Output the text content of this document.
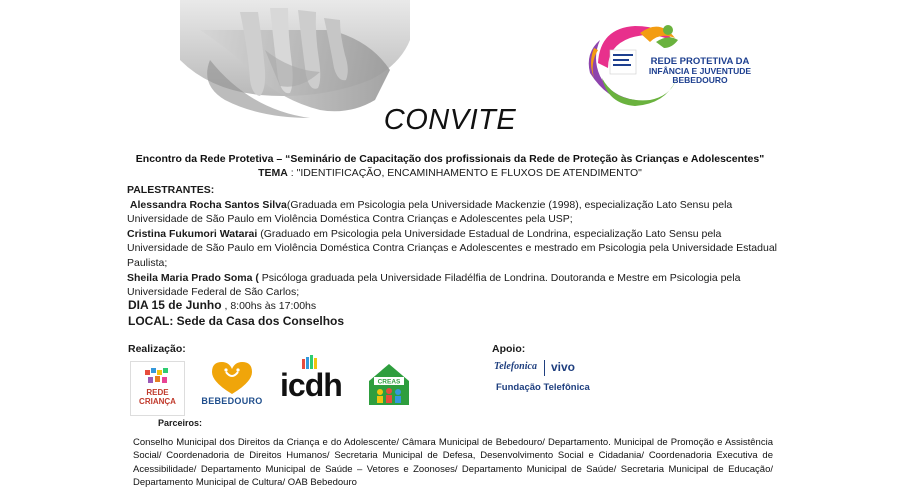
REDE PROTETIVA DA
INFÂNCIA E JUVENTUDE
BEBEDOURO
CONVITE
Encontro da Rede Protetiva – “Seminário de Capacitação dos profissionais da Rede de Proteção às Crianças e Adolescentes"
TEMA : "IDENTIFICAÇÃO, ENCAMINHAMENTO E FLUXOS DE ATENDIMENTO"

PALESTRANTES:

Alessandra Rocha Santos Silva(Graduada em Psicologia pela Universidade Mackenzie (1998), especialização Lato Sensu pela Universidade de São Paulo em Violência Doméstica Contra Crianças e Adolescentes pela USP;

Cristina Fukumori Watarai (Graduado em Psicologia pela Universidade Estadual de Londrina, especialização Lato Sensu pela Universidade de São Paulo em Violência Doméstica Contra Crianças e Adolescentes e mestrado em Psicologia pela Universidade Estadual Paulista;

Sheila Maria Prado Soma ( Psicóloga graduada pela Universidade Filadélfia de Londrina. Doutoranda e Mestre em Psicologia pela Universidade Federal de São Carlos;

DIA 15 de Junho , 8:00hs às 17:00hs
LOCAL: Sede da Casa dos Conselhos
Realização:	Apoio:
REDE CRIANÇA	BEBEDOURO icdh	CREAS
Telefonica vivo
Fundação Telefônica
Parceiros:
Conselho Municipal dos Direitos da Criança e do Adolescente/ Câmara Municipal de Bebedouro/ Departamento. Municipal de Promoção e Assistência Social/ Coordenadoria de Direitos Humanos/ Secretaria Municipal de Defesa, Desenvolvimento Social e Cidadania/ Coordenadoria Executiva de Acessibilidade/ Departamento Municipal de Saúde – Vetores e Zoonoses/ Departamento Municipal de Saúde/ Secretaria Municipal de Educação/ Departamento Municipal de Cultura/ OAB Bebedouro
